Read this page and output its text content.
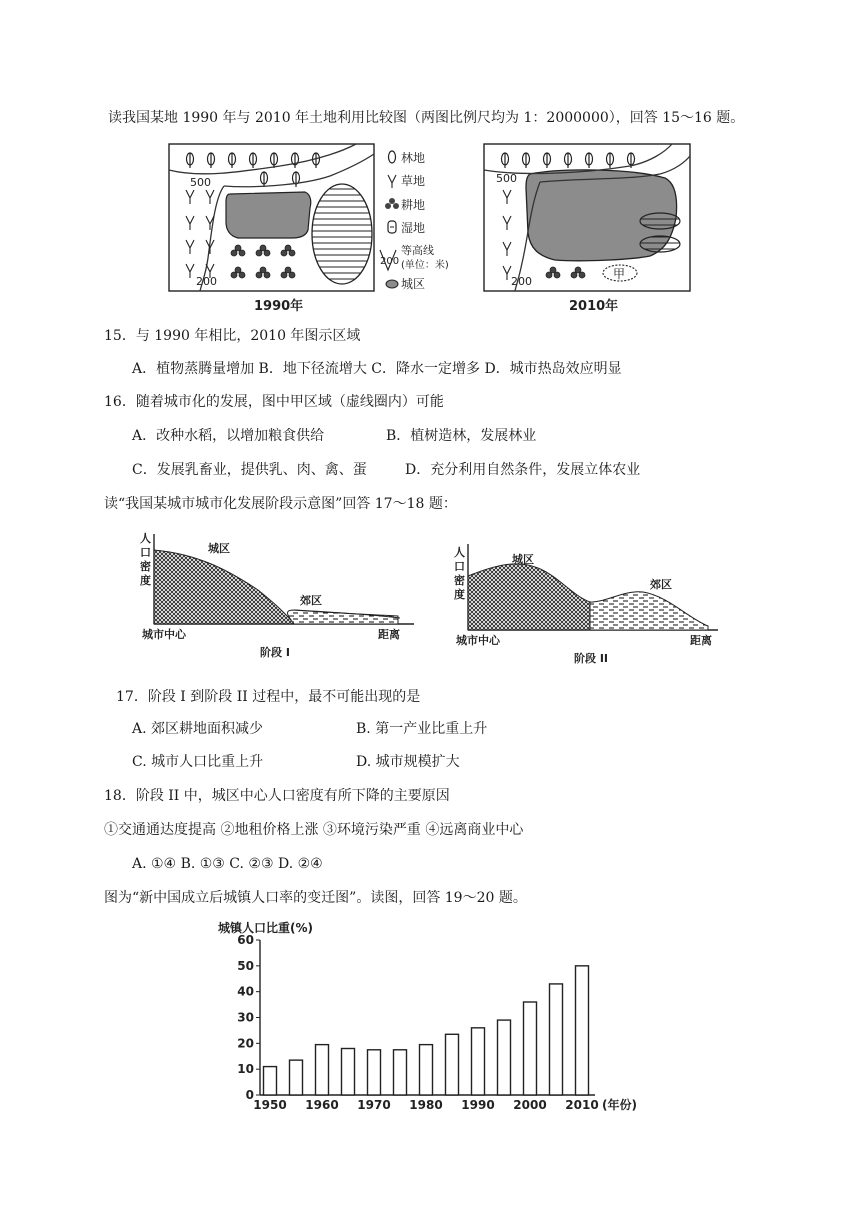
读我国某地 1990 年与 2010 年土地利用比较图（两图比例尺均为 1：2000000），回答 15～16 题。
500
200
1990年
林地
草地
耕地
湿地
等高线
(单位：米)
200
城区
500
200
甲
2010年
15．与 1990 年相比，2010 年图示区域
A．植物蒸腾量增加 B．地下径流增大 C．降水一定增多 D．城市热岛效应明显
16．随着城市化的发展，图中甲区域（虚线圈内）可能
A．改种水稻，以增加粮食供给	B．植树造林，发展林业
C．发展乳畜业，提供乳、肉、禽、蛋	D．充分利用自然条件，发展立体农业
读“我国某城市城市化发展阶段示意图”回答 17～18 题：
人
口
密
度
城区
郊区
城市中心	距离
阶段 I
人
口
密
度
城区
郊区
城市中心	距离
阶段 II
17．阶段 I 到阶段 II 过程中，最不可能出现的是
A. 郊区耕地面积减少	B. 第一产业比重上升
C. 城市人口比重上升	D. 城市规模扩大
18．阶段 II 中，城区中心人口密度有所下降的主要原因
①交通通达度提高 ②地租价格上涨 ③环境污染严重 ④远离商业中心
A. ①④ B. ①③ C. ②③ D. ②④
图为“新中国成立后城镇人口率的变迁图”。读图，回答 19～20 题。
城镇人口比重(%)
(年份)
0
10
20
30
40
50
60
1950 1960 1970 1980 1990 2000 2010
